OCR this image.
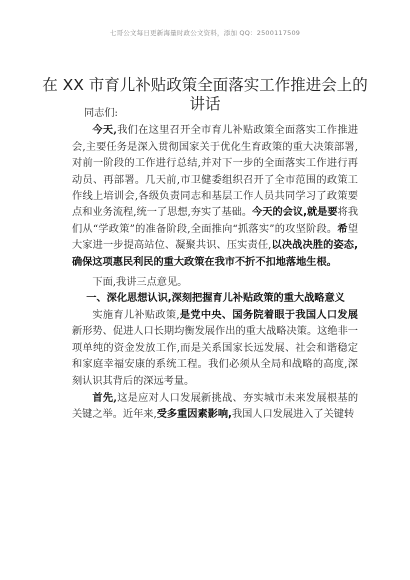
七哥公文每日更新海量时政公文资料，添加 QQ：2500117509
在 XX 市育儿补贴政策全面落实工作推进会上的讲话

同志们:

今天,我们在这里召开全市育儿补贴政策全面落实工作推进会,主要任务是深入贯彻国家关于优化生育政策的重大决策部署,对前一阶段的工作进行总结,并对下一步的全面落实工作进行再动员、再部署。几天前,市卫健委组织召开了全市范围的政策工作线上培训会,各级负责同志和基层工作人员共同学习了政策要点和业务流程,统一了思想,夯实了基础。今天的会议,就是要将我们从“学政策”的准备阶段,全面推向“抓落实”的攻坚阶段。希望大家进一步提高站位、凝聚共识、压实责任,以决战决胜的姿态,确保这项惠民利民的重大政策在我市不折不扣地落地生根。

下面,我讲三点意见。

一、深化思想认识,深刻把握育儿补贴政策的重大战略意义

实施育儿补贴政策,是党中央、国务院着眼于我国人口发展新形势、促进人口长期均衡发展作出的重大战略决策。这绝非一项单纯的资金发放工作,而是关系国家长远发展、社会和谐稳定和家庭幸福安康的系统工程。我们必须从全局和战略的高度,深刻认识其背后的深远考量。

首先,这是应对人口发展新挑战、夯实城市未来发展根基的关键之举。近年来,受多重因素影响,我国人口发展进入了关键转
